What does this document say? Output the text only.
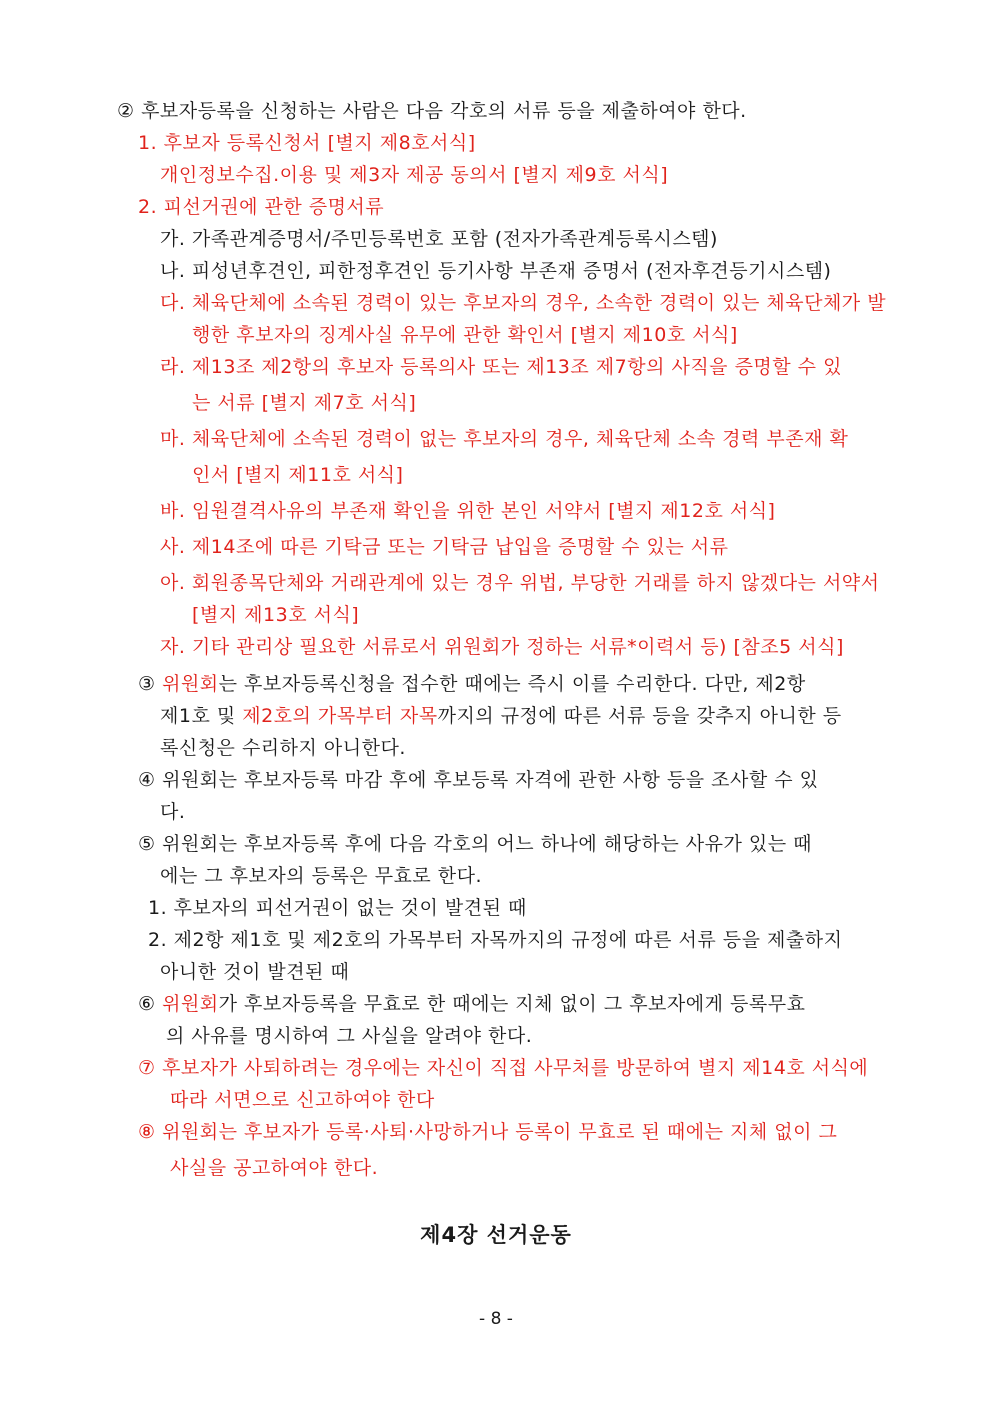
② 후보자등록을 신청하는 사람은 다음 각호의 서류 등을 제출하여야 한다.
1. 후보자 등록신청서 [별지 제8호서식]
개인정보수집.이용 및 제3자 제공 동의서 [별지 제9호 서식]
2. 피선거권에 관한 증명서류
가. 가족관계증명서/주민등록번호 포함 (전자가족관계등록시스템)
나. 피성년후견인, 피한정후견인 등기사항 부존재 증명서 (전자후견등기시스템)
다. 체육단체에 소속된 경력이 있는 후보자의 경우, 소속한 경력이 있는 체육단체가 발
행한 후보자의 징계사실 유무에 관한 확인서 [별지 제10호 서식]
라. 제13조 제2항의 후보자 등록의사 또는 제13조 제7항의 사직을 증명할 수 있
는 서류 [별지 제7호 서식]
마. 체육단체에 소속된 경력이 없는 후보자의 경우, 체육단체 소속 경력 부존재 확
인서 [별지 제11호 서식]
바. 임원결격사유의 부존재 확인을 위한 본인 서약서 [별지 제12호 서식]
사. 제14조에 따른 기탁금 또는 기탁금 납입을 증명할 수 있는 서류
아. 회원종목단체와 거래관계에 있는 경우 위법, 부당한 거래를 하지 않겠다는 서약서
[별지 제13호 서식]
자. 기타 관리상 필요한 서류로서 위원회가 정하는 서류*이력서 등) [참조5 서식]
③ 위원회는 후보자등록신청을 접수한 때에는 즉시 이를 수리한다. 다만, 제2항
제1호 및 제2호의 가목부터 자목까지의 규정에 따른 서류 등을 갖추지 아니한 등
록신청은 수리하지 아니한다.
④ 위원회는 후보자등록 마감 후에 후보등록 자격에 관한 사항 등을 조사할 수 있
다.
⑤ 위원회는 후보자등록 후에 다음 각호의 어느 하나에 해당하는 사유가 있는 때
에는 그 후보자의 등록은 무효로 한다.
1. 후보자의 피선거권이 없는 것이 발견된 때
2. 제2항 제1호 및 제2호의 가목부터 자목까지의 규정에 따른 서류 등을 제출하지
아니한 것이 발견된 때
⑥ 위원회가 후보자등록을 무효로 한 때에는 지체 없이 그 후보자에게 등록무효
의 사유를 명시하여 그 사실을 알려야 한다.
⑦ 후보자가 사퇴하려는 경우에는 자신이 직접 사무처를 방문하여 별지 제14호 서식에
따라 서면으로 신고하여야 한다
⑧ 위원회는 후보자가 등록·사퇴·사망하거나 등록이 무효로 된 때에는 지체 없이 그
사실을 공고하여야 한다.
제4장 선거운동
- 8 -
